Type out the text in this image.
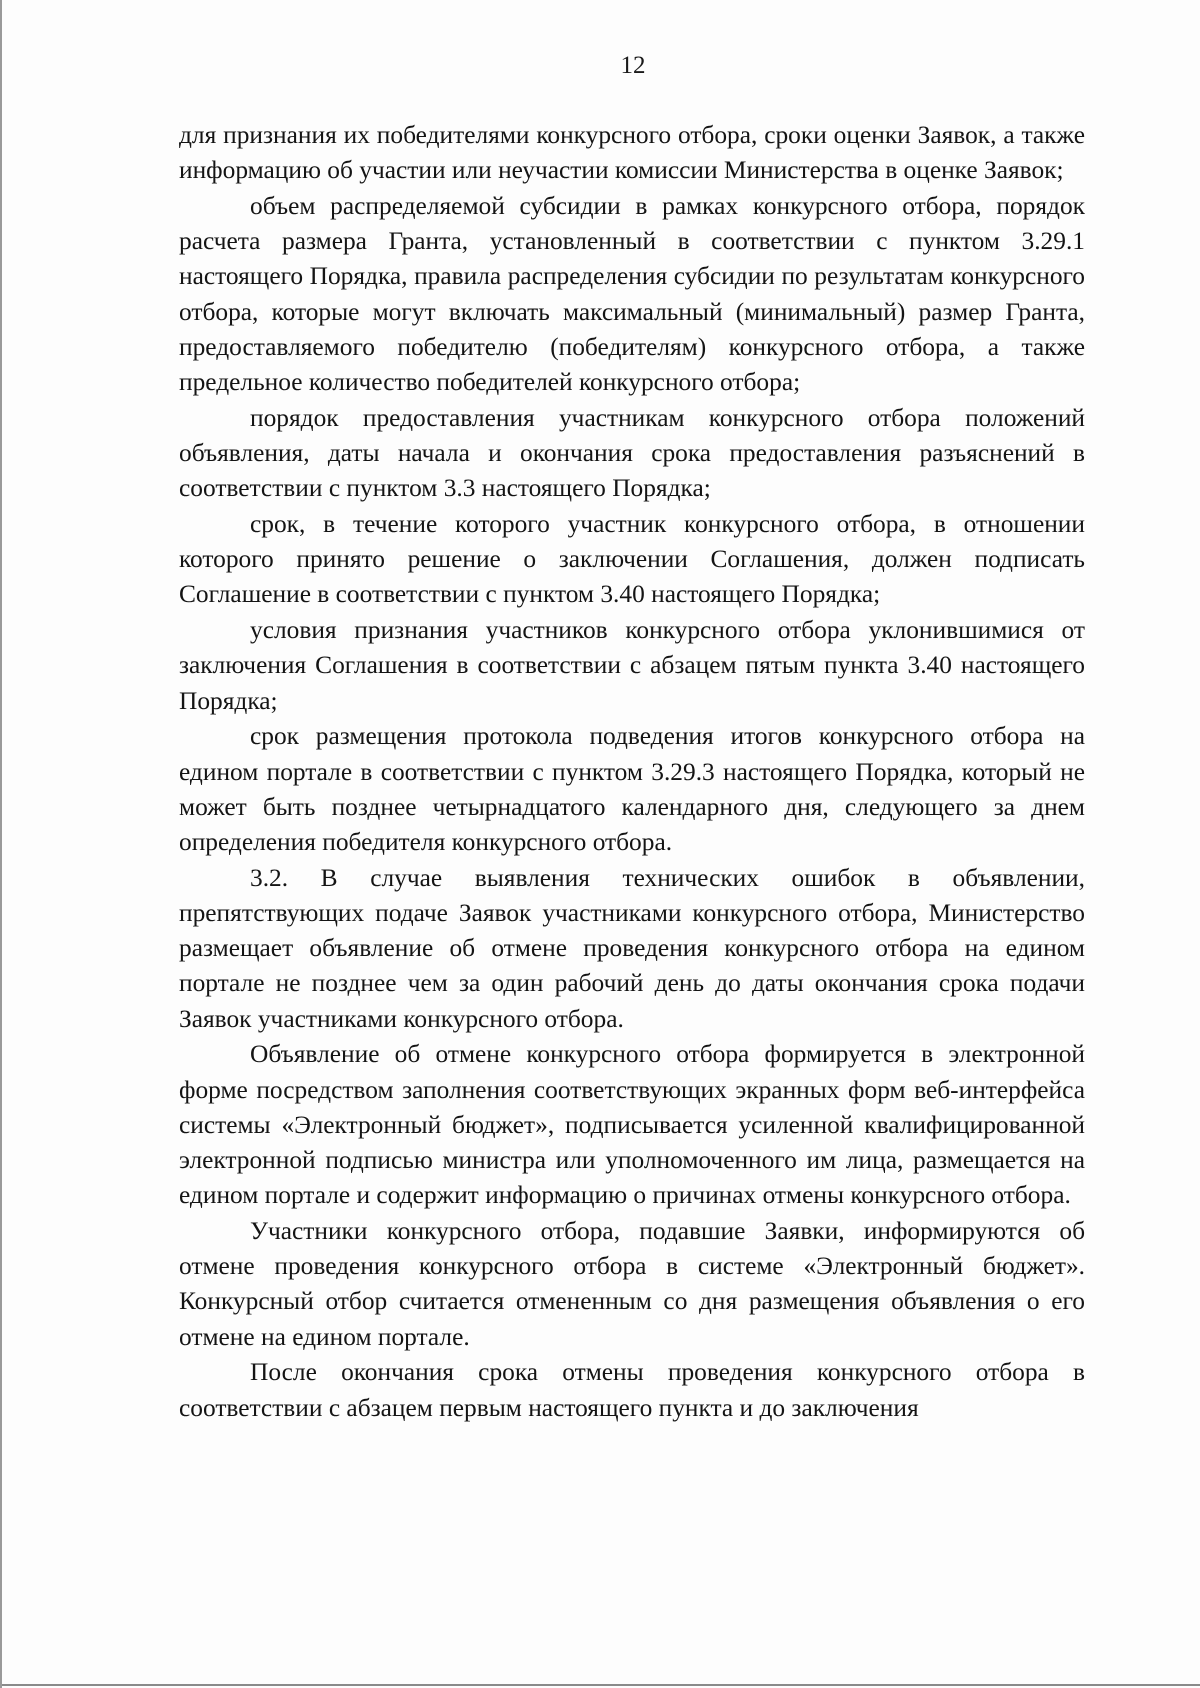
12

для признания их победителями конкурсного отбора, сроки оценки Заявок, а также информацию об участии или неучастии комиссии Министерства в оценке Заявок;

объем распределяемой субсидии в рамках конкурсного отбора, порядок расчета размера Гранта, установленный в соответствии с пунктом 3.29.1 настоящего Порядка, правила распределения субсидии по результатам конкурсного отбора, которые могут включать максимальный (минимальный) размер Гранта, предоставляемого победителю (победителям) конкурсного отбора, а также предельное количество победителей конкурсного отбора;

порядок предоставления участникам конкурсного отбора положений объявления, даты начала и окончания срока предоставления разъяснений в соответствии с пунктом 3.3 настоящего Порядка;

срок, в течение которого участник конкурсного отбора, в отношении которого принято решение о заключении Соглашения, должен подписать Соглашение в соответствии с пунктом 3.40 настоящего Порядка;

условия признания участников конкурсного отбора уклонившимися от заключения Соглашения в соответствии с абзацем пятым пункта 3.40 настоящего Порядка;

срок размещения протокола подведения итогов конкурсного отбора на едином портале в соответствии с пунктом 3.29.3 настоящего Порядка, который не может быть позднее четырнадцатого календарного дня, следующего за днем определения победителя конкурсного отбора.

3.2. В случае выявления технических ошибок в объявлении, препятствующих подаче Заявок участниками конкурсного отбора, Министерство размещает объявление об отмене проведения конкурсного отбора на едином портале не позднее чем за один рабочий день до даты окончания срока подачи Заявок участниками конкурсного отбора.

Объявление об отмене конкурсного отбора формируется в электронной форме посредством заполнения соответствующих экранных форм веб-интерфейса системы «Электронный бюджет», подписывается усиленной квалифицированной электронной подписью министра или уполномоченного им лица, размещается на едином портале и содержит информацию о причинах отмены конкурсного отбора.

Участники конкурсного отбора, подавшие Заявки, информируются об отмене проведения конкурсного отбора в системе «Электронный бюджет». Конкурсный отбор считается отмененным со дня размещения объявления о его отмене на едином портале.

После окончания срока отмены проведения конкурсного отбора в соответствии с абзацем первым настоящего пункта и до заключения
